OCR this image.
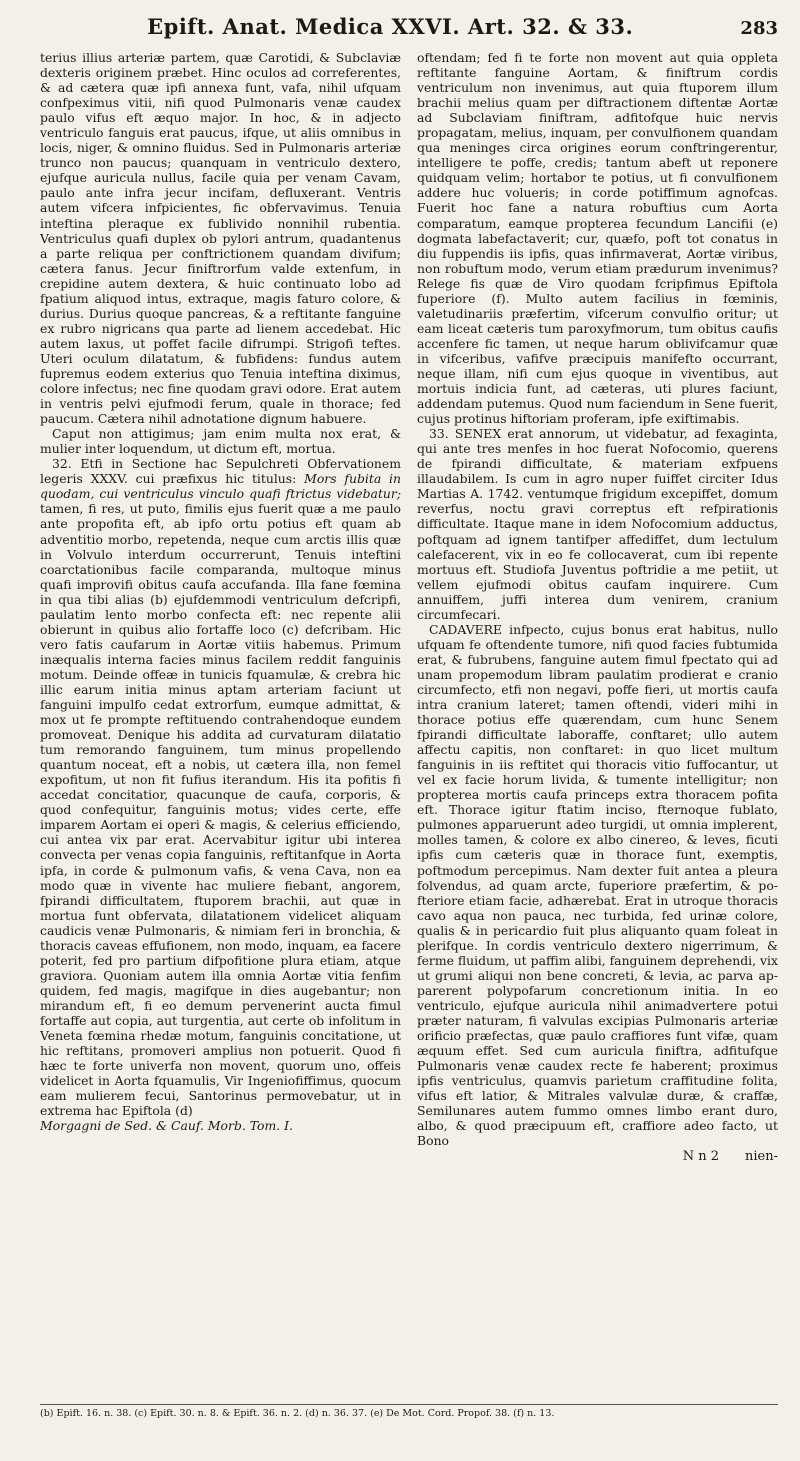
Epift. Anat. Medica XXVI. Art. 32. & 33.	283

terius illius arteriæ partem, quæ Carotidi, & Subclaviæ dexteris originem præbet. Hinc oculos ad correferentes, & ad cætera quæ ipfi annexa funt, vafa, nihil ufquam confpeximus vitii, nifi quod Pulmonaris venæ caudex paulo vifus eft æquo major. In hoc, & in adjecto ventriculo fanguis erat paucus, ifque, ut aliis omnibus in locis, niger, & omnino fluidus. Sed in Pulmonaris arteriæ trunco non paucus; quanquam in ventriculo dextero, ejufque auricula nullus, facile quia per venam Cavam, paulo ante infra jecur incifam, defluxerant. Ventris autem vifcera infpicientes, fic obfervavimus. Tenuia inteftina pleraque ex fublivido nonnihil rubentia. Ventriculus quafi duplex ob pylori antrum, quadantenus a parte reliqua per conftrictionem quandam divifum; cætera fanus. Jecur finiftrorfum valde extenfum, in crepidine autem dextera, & huic continuato lobo ad fpatium aliquod intus, extraque, magis faturo colore, & durius. Durius quoque pancreas, & a reftitante fanguine ex rubro nigricans qua parte ad lienem accedebat. Hic autem laxus, ut poffet facile difrumpi. Strigofi teftes. Uteri oculum dilatatum, & fubfidens: fundus autem fupremus eodem exterius quo Tenuia inteftina diximus, colore infectus; nec fine quodam gravi odore. Erat autem in ventris pelvi ejufmodi ferum, quale in thorace; fed paucum. Cætera nihil adnotatione dignum habuere.

Caput non attigimus; jam enim multa nox erat, & mulier inter loquendum, ut dictum eft, mortua.

32. Etfi in Sectione hac Sepulchreti Obfervationem legeris XXXV. cui præfixus hic titulus: Mors fubita in quodam, cui ventriculus vinculo quafi ftrictus videbatur; tamen, fi res, ut puto, fimilis ejus fuerit quæ a me paulo ante propofita eft, ab ipfo ortu potius eft quam ab adventitio morbo, repetenda, neque cum arctis illis quæ in Volvulo interdum occurrerunt, Tenuis inteftini coarctationibus facile comparanda, multoque minus quafi improvifi obitus caufa accufanda. Illa fane fœmina in qua tibi alias (b) ejufdemmodi ventriculum defcripfi, paulatim lento morbo confecta eft: nec repente alii obierunt in quibus alio fortaffe loco (c) defcribam. Hic vero fatis caufarum in Aortæ vitiis habemus. Primum inæqualis interna facies minus facilem reddit fanguinis motum. Deinde offeæ in tunicis fquamulæ, & crebra hic illic earum initia minus aptam arteriam faciunt ut fanguini impulfo cedat extrorfum, eumque admittat, & mox ut fe prompte reftituendo contrahendoque eundem promoveat. Denique his addita ad curvaturam dilatatio tum remorando fanguinem, tum minus propellendo quantum noceat, eft a nobis, ut cætera illa, non femel expofitum, ut non fit fufius iterandum. His ita pofitis fi accedat concitatior, quacunque de caufa, corporis, & quod confequitur, fanguinis motus; vides certe, effe imparem Aortam ei operi & magis, & celerius efficiendo, cui antea vix par erat. Acervabitur igitur ubi interea convecta per venas copia fanguinis, reftitanfque in Aorta ipfa, in corde & pulmonum vafis, & vena Cava, non ea modo quæ in vivente hac muliere fiebant, angorem, fpirandi difficultatem, ftuporem brachii, aut quæ in mortua funt obfervata, dilatationem videlicet aliquam caudicis venæ Pulmonaris, & nimiam feri in bronchia, & thoracis caveas effufionem, non modo, inquam, ea facere poterit, fed pro partium difpofitione plura etiam, atque graviora. Quoniam autem illa omnia Aortæ vitia fenfim quidem, fed magis, magifque in dies augebantur; non mirandum eft, fi eo demum pervenerint aucta fimul fortaffe aut copia, aut turgentia, aut certe ob infolitum in Veneta fœmina rhedæ motum, fanguinis concitatione, ut hic reftitans, promoveri amplius non potuerit. Quod fi hæc te forte univerfa non movent, quorum uno, offeis videlicet in Aorta fquamulis, Vir Ingeniofiffimus, quocum eam mulierem fecui, Santorinus permovebatur, ut in extrema hac Epiftola (d)

Morgagni de Sed. & Cauf. Morb. Tom. I.

oftendam; fed fi te forte non movent aut quia oppleta reftitante fanguine Aortam, & finiftrum cordis ventriculum non invenimus, aut quia ftuporem illum brachii melius quam per diftractionem diftentæ Aortæ ad Subclaviam finiftram, adfitofque huic nervis propagatam, melius, inquam, per convulfionem quandam qua meninges circa origines eorum conftringerentur, intelligere te poffe, credis; tantum abeft ut reponere quidquam velim; hortabor te potius, ut fi convulfionem addere huc volueris; in corde potiffimum agnofcas. Fuerit hoc fane a natura robuftius cum Aorta comparatum, eamque propterea fecundum Lancifii (e) dogmata labefactaverit; cur, quæfo, poft tot conatus in diu fuppendis iis ipfis, quas infirmaverat, Aortæ viribus, non robuftum modo, verum etiam prædurum invenimus? Relege fis quæ de Viro quodam fcripfimus Epiftola fuperiore (f). Multo autem facilius in fœminis, valetudinariis præfertim, vifcerum convulfio oritur; ut eam liceat cæteris tum paroxyfmorum, tum obitus caufis accenfere fic tamen, ut neque harum oblivifcamur quæ in vifceribus, vafifve præcipuis manifefto occurrant, neque illam, nifi cum ejus quoque in viventibus, aut mortuis indicia funt, ad cæteras, uti plures faciunt, addendam putemus. Quod num faciendum in Sene fuerit, cujus protinus hiftoriam proferam, ipfe exiftimabis.

33. SENEX erat annorum, ut videbatur, ad fexaginta, qui ante tres menfes in hoc fuerat Nofocomio, querens de fpirandi difficultate, & materiam exfpuens illaudabilem. Is cum in agro nuper fuiffet circiter Idus Martias A. 1742. ventumque frigidum excepiffet, domum reverfus, noctu gravi correptus eft refpirationis difficultate. Itaque mane in idem Nofocomium adductus, poftquam ad ignem tantifper affediffet, dum lectulum calefacerent, vix in eo fe collocaverat, cum ibi repente mortuus eft. Studiofa Juventus poftridie a me petiit, ut vellem ejufmodi obitus caufam inquirere. Cum annuiffem, juffi interea dum venirem, cranium circumfecari.

CADAVERE infpecto, cujus bonus erat habitus, nullo ufquam fe oftendente tumore, nifi quod facies fubtumida erat, & fubrubens, fanguine autem fimul fpectato qui ad unam propemodum libram paulatim prodierat e cranio circumfecto, etfi non negavi, poffe fieri, ut mortis caufa intra cranium lateret; tamen oftendi, videri mihi in thorace potius effe quærendam, cum hunc Senem fpirandi difficultate laboraffe, conftaret; ullo autem affectu capitis, non conftaret: in quo licet multum fanguinis in iis reftitet qui thoracis vitio fuffocantur, ut vel ex facie horum livida, & tumente intelligitur; non propterea mortis caufa princeps extra thoracem pofita eft. Thorace igitur ftatim inciso, fternoque fublato, pulmones apparuerunt adeo turgidi, ut omnia implerent, molles tamen, & colore ex albo cinereo, & leves, ficuti ipfis cum cæteris quæ in thorace funt, exemptis, poftmodum percepimus. Nam dexter fuit antea a pleura folvendus, ad quam arcte, fuperiore præfertim, & pofteriore etiam facie, adhærebat. Erat in utroque thoracis cavo aqua non pauca, nec turbida, fed urinæ colore, qualis & in pericardio fuit plus aliquanto quam foleat in plerifque. In cordis ventriculo dextero nigerrimum, & ferme fluidum, ut paffim alibi, fanguinem deprehendi, vix ut grumi aliqui non bene concreti, & levia, ac parva apparerent polypofarum concretionum initia. In eo ventriculo, ejufque auricula nihil animadvertere potui præter naturam, fi valvulas excipias Pulmonaris arteriæ orificio præfectas, quæ paulo craffiores funt vifæ, quam æquum effet. Sed cum auricula finiftra, adfitufque Pulmonaris venæ caudex recte fe haberent; proximus ipfis ventriculus, quamvis parietum craffitudine folita, vifus eft latior, & Mitrales valvulæ duræ, & craffæ, Semilunares autem fummo omnes limbo erant duro, albo, & quod præcipuum eft, craffiore adeo facto, ut Bono

N n 2 nien-
(b) Epift. 16. n. 38. (c) Epift. 30. n. 8. & Epift. 36. n. 2. (d) n. 36. 37. (e) De Mot. Cord. Propof. 38. (f) n. 13.
